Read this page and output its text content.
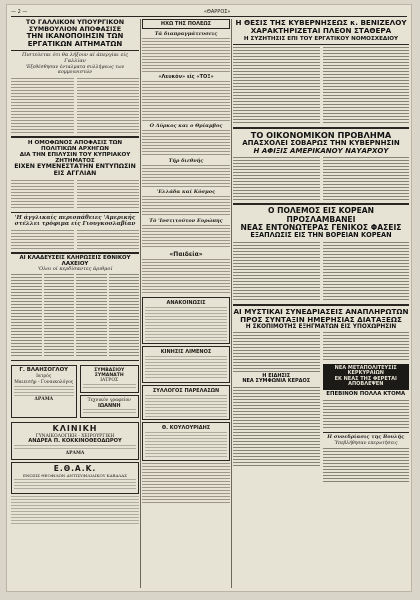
— 2 —	«ΘΑΡΡΟΣ»
ΤΟ ΓΑΛΛΙΚΟΝ ΥΠΟΥΡΓΙΚΟΝ ΣΥΜΒΟΥΛΙΟΝ ΑΠΟΦΑΣΙΣΕ
ΤΗΝ ΙΚΑΝΟΠΟΙΗΣΙΝ ΤΩΝ ΕΡΓΑΤΙΚΩΝ ΑΙΤΗΜΑΤΩΝ
Πιστεύεται ότι θα λήξουν αί άπεργίαι είς Γαλλίαν
'Εξεθέσθησαν ένταλματα συλλήψεως των κομμουνιστών
Η ΟΜΟΦΩΝΟΣ ΑΠΟΦΑΣΙΣ ΤΩΝ ΠΟΛΙΤΙΚΩΝ ΑΡΧΗΓΩΝ
ΔΙΑ ΤΗΝ ΕΠΙΛΥΣΙΝ ΤΟΥ ΚΥΠΡΙΑΚΟΥ ΖΗΤΗΜΑΤΟΣ
ΕΙΧΕΝ ΕΥΜΕΝΕΣΤΑΤΗΝ ΕΝΤΥΠΩΣΙΝ ΕΙΣ ΑΓΓΛΙΑΝ
'Η άγγλικαίς περισπάθειες 'Αμερικής
στέλλει τρόφιμα είς Γιουγκοσλαβίαν
ΑΙ ΚΛΑΔΕΥΣΕΙΣ ΚΛΗΡΩΣΕΙΣ ΕΘΝΙΚΟΥ ΛΑΧΕΙΟΥ
'Ολοι οί κερδίσαντες άριθμοί
Γ. ΒΛΑΗΣΟΓΛΟΥ
Ιατρός
Μαιευτήρ - Γυναικολόγος
ΔΡΑΜΑ
ΣΥΜΒΑΣΙΟΥ ΣΥΜΑΝΑΤΗ
ΙΑΤΡΟΣ
Τεχνικόν γραφείον
ΙΩΑΝΝΗ
ΚΛΙΝΙΚΗ
ΓΥΝΑΙΚΟΛΟΓΙΚΗ - ΧΕΙΡΟΥΡΓΙΚΗ
ΑΝΔΡΕΑ Π. ΚΟΚΚΙΝΟΘΕΟΔΩΡΟΥ
ΔΡΑΜΑ
Ε.Θ.Α.Κ.
ΕΝΩΣΙΣ ΘΕΟΦΙΛΩΝ ΑΝΤΙΣΥΦΙΛΙΔΙΚΟΥ ΚΑΒΑΛΑΣ
ΗΧΩ ΤΗΣ ΠΟΛΕΩΣ
Τά διαπραγμάτευσεις
«Λευκόν» είς «ΤΟΞ»
Ο Λύρκος και ο Θρίαμβος
Τήρ διεθνής
'Ελλάδα καί Κόσμος
Τό 'Ινστιτούτον Ευρώπης
«Παιδεία»
ΑΝΑΚΟΙΝΩΣΙΣ
ΚΙΝΗΣΙΣ ΛΙΜΕΝΟΣ
ΣΥΛΛΟΓΟΣ ΠΑΡΕΛΑΣΩΝ
Θ. ΚΟΥΛΟΥΡΙΔΗΣ
Η ΘΕΣΙΣ ΤΗΣ ΚΥΒΕΡΝΗΣΕΩΣ κ. ΒΕΝΙΖΕΛΟΥ
ΧΑΡΑΚΤΗΡΙΖΕΤΑΙ ΠΛΕΟΝ ΣΤΑΘΕΡΑ
Η ΣΥΖΗΤΗΣΙΣ ΕΠΙ ΤΟΥ ΕΡΓΑΤΙΚΟΥ ΝΟΜΟΣΧΕΔΙΟΥ
ΤΟ ΟΙΚΟΝΟΜΙΚΟΝ ΠΡΟΒΛΗΜΑ
ΑΠΑΣΧΟΛΕΙ ΣΟΒΑΡΩΣ ΤΗΝ ΚΥΒΕΡΝΗΣΙΝ
Η ΑΦΙΞΙΣ ΑΜΕΡΙΚΑΝΟΥ ΝΑΥΑΡΧΟΥ
Ο ΠΟΛΕΜΟΣ ΕΙΣ ΚΟΡΕΑΝ ΠΡΟΣΛΑΜΒΑΝΕΙ
ΝΕΑΣ ΕΝΤΟΝΩΤΕΡΑΣ ΓΕΝΙΚΟΣ ΦΑΣΕΙΣ
ΕΞΑΠΛΩΣΙΣ ΕΙΣ ΤΗΝ ΒΟΡΕΙΑΝ ΚΟΡΕΑΝ
ΑΙ ΜΥΣΤΙΚΑΙ ΣΥΝΕΔΡΙΑΣΕΙΣ ΑΝΑΠΛΗΡΩΤΩΝ
ΠΡΟΣ ΣΥΝΤΑΞΙΝ ΗΜΕΡΗΣΙΑΣ ΔΙΑΤΑΞΕΩΣ
Η ΣΚΟΠΙΜΟΤΗΣ ΕΞΗΓΜΑΤΩΝ ΕΙΣ ΥΠΟΧΩΡΗΣΙΝ
Η ΕΙΔΗΣΙΣ
ΝΕΑ ΣΥΜΦΩΝΙΑ ΚΕΡΔΟΣ
ΝΕΑ ΜΕΤΑΠΟΛΙΤΕΥΣΙΣ ΚΕΡΚΥΡΑΙΩΝ
ΕΚ ΝΕΑΣ ΤΗΣ ΦΕΡΕΤΑΙ ΑΠΟΒΛΕΨΕΝ
ΕΠΕΒΙΝΟΝ ΠΟΛΛΑ ΚΤΟΜΑ
Η συνεδρίασις της Βουλής
Ύπεβλήθησαν επερωτήσεις
